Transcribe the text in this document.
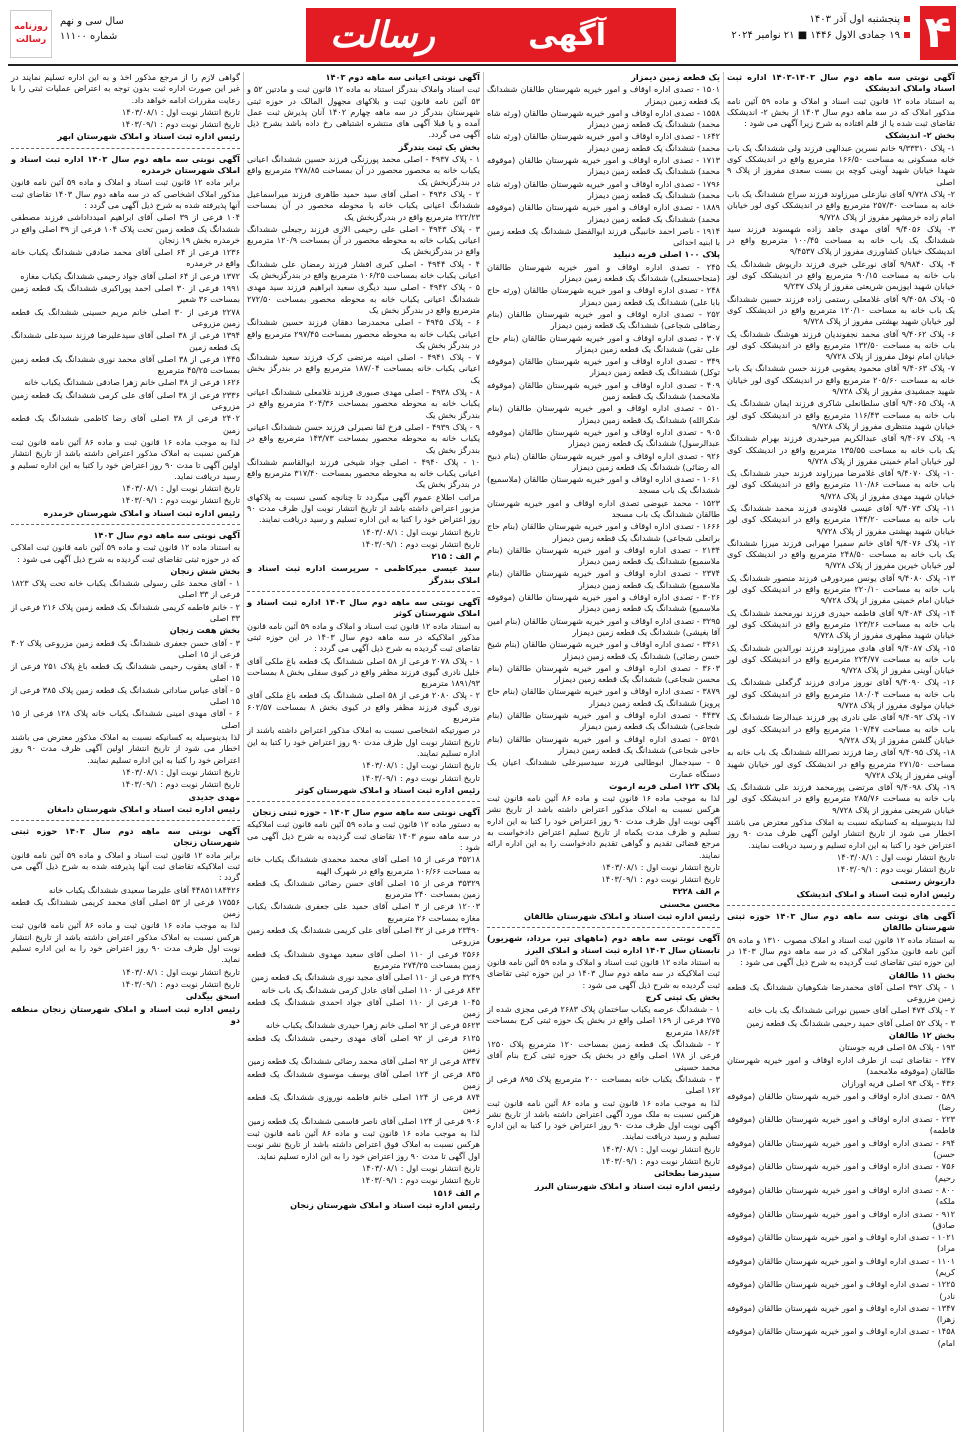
۴
پنجشنبه اول آذر ۱۴۰۳
۱۹ جمادی الاول ۱۴۴۶ ■ ۲۱ نوامبر ۲۰۲۴
آگهی
رسالت
سال سی و نهم
شماره ۱۱۱۰۰
روزنامه
رسالت

آگهی نوبتی سه ماهه دوم سال ۱۴۰۳-۱۴۰۳ اداره ثبت اسناد واملاک اندیشکک

به استناد ماده ۱۲ قانون ثبت اسناد و املاک و ماده ۵۹ آئین نامه مذکور املاک که در سه ماهه دوم سال ۱۴۰۳ از بخش ۲- اندیشکک تقاضای ثبت شده یا از قلم افتاده به شرح زیرا آگهی می شود :

بخش ۲- اندیشکک

۱- پلاک ۹/۳۳۳۱۰ خانم نسرین عبدالهی فرزند ولی ششدانگ یک باب خانه مسکونی به مساحت ۱۶۶/۵۰ مترمربع واقع در اندیشکک کوی شهدا خیابان شهید آوینی کوچه بن بست سعدی مفروز از پلاک ۹ اصلی

۲- پلاک ۹/۷۲۸ آقای نیازعلی میرزاوند فرزند سراج ششدانگ یک باب خانه به مساحت ۲۵۷/۳۰ مترمربع واقع در اندیشکک کوی لور خیابان امام زاده خرمشهر مفروز از پلاک ۹/۷۲۸

۳- پلاک ۹/۴۰۵۶ آقای مهدی جاهد زاده شهسوند فرزند سید ششدانگ یک باب خانه به مساحت ۱۰۰/۴۵ مترمربع واقع در اندیشکک خیابان کشاورزی مفروز از پلاک ۹/۴۵۳۷

۴- پلاک ۹/۹۸۴۰ آقای نورعلی خیری فرزند داریوش ششدانگ یک باب خانه به مساحت ۹۰/۱۵ مترمربع واقع در اندیشکک کوی لور خیابان شهید ایوزیمن شریعتی مفروز از پلاک ۹/۲۳۷

۵- پلاک ۹/۴۰۵۸ آقای غلامعلی رستمی زاده فرزند حسین ششدانگ یک باب خانه به مساحت ۱۲۰/۱۰ مترمربع واقع در اندیشکک کوی لور خیابان شهید بهشتی مفروز از پلاک ۹/۷۲۸

۶- پلاک ۹/۴۰۶۲ آقای محمد نجفوندیان فرزند هوشنگ ششدانگ یک باب خانه به مساحت ۱۳۲/۵۰ مترمربع واقع در اندیشکک کوی لور خیابان امام نوفل مفروز از پلاک ۹/۷۲۸

۷- پلاک ۹/۴۰۶۳ آقای محمود یعقوبی فرزند حسن ششدانگ یک باب خانه به مساحت ۲۰۵/۶۰ مترمربع واقع در اندیشکک کوی لور خیابان شهید جمشیدی مفروز از پلاک ۹/۷۲۸

۸- پلاک ۹/۴۰۶۵ آقای سلطانعلی شاکری فرزند ایمان ششدانگ یک باب خانه به مساحت ۱۱۶/۴۳ مترمربع واقع در اندیشکک کوی لور خیابان شهید منتظری مفروز از پلاک ۹/۷۲۸

۹- پلاک ۹/۴۰۶۷ آقای عبدالکریم میرحیدری فرزند بهرام ششدانگ یک باب خانه به مساحت ۱۳۵/۵۵ مترمربع واقع در اندیشکک کوی لور خیابان امام خمینی مفروز از پلاک ۹/۷۲۸

۱۰- پلاک ۹/۴۰۷۰ آقای غلامرضا میرزاوند فرزند حیدر ششدانگ یک باب خانه به مساحت ۱۱۰/۸۶ مترمربع واقع در اندیشکک کوی لور خیابان شهید مهدی مفروز از پلاک ۹/۷۲۸

۱۱- پلاک ۹/۴۰۷۳ آقای عیسی قلاوندی فرزند محمد ششدانگ یک باب خانه به مساحت ۱۴۴/۲۰ مترمربع واقع در اندیشکک کوی لور خیابان شهید بهشتی مفروز از پلاک ۹/۷۲۸

۱۲- پلاک ۹/۴۰۷۶ آقای خانم سمیرا مهرابی فرزند میرزا ششدانگ یک باب خانه به مساحت ۲۴۸/۵۰ مترمربع واقع در اندیشکک کوی لور خیابان خیرین مفروز از پلاک ۹/۷۲۸

۱۳- پلاک ۹/۴۰۸۰ آقای یونس میردورقی فرزند منصور ششدانگ یک باب خانه به مساحت ۲۲۰/۱۰ مترمربع واقع در اندیشکک کوی لور خیابان امام خمینی مفروز از پلاک ۹/۷۲۸

۱۴- پلاک ۹/۴۰۸۴ آقای فاطمه حیدری فرزند نورمحمد ششدانگ یک باب خانه به مساحت ۱۲۳/۲۶ مترمربع واقع در اندیشکک کوی لور خیابان شهید مطهری مفروز از پلاک ۹/۷۲۸

۱۵- پلاک ۹/۴۰۸۷ آقای هادی میرزاوند فرزند نورالدین ششدانگ یک باب خانه به مساحت ۲۲۴/۷۷ مترمربع واقع در اندیشکک کوی لور خیابان آوینی مفروز از پلاک ۹/۷۲۸

۱۶- پلاک ۹/۴۰۹۰ آقای نوروز مرادی فرزند گرگعلی ششدانگ یک باب خانه به مساحت ۱۸۰/۰۴ مترمربع واقع در اندیشکک کوی لور خیابان مولوی مفروز از پلاک ۹/۷۲۸

۱۷- پلاک ۹/۴۰۹۲ آقای علی نادری پور فرزند عبدالرضا ششدانگ یک باب خانه به مساحت ۱۰۷/۴۷ مترمربع واقع در اندیشکک کوی لور خیابان گلشن مفروز از پلاک ۹/۷۲۸

۱۸- پلاک ۹/۴۰۹۵ آقای رضا فرزند نصرالله ششدانگ یک باب خانه به مساحت ۲۷۱/۵۰ مترمربع واقع در اندیشکک کوی لور خیابان شهید آوینی مفروز از پلاک ۹/۷۲۸

۱۹- پلاک ۹/۴۰۹۸ آقای مرتضی پورمحمد فرزند علی ششدانگ یک باب خانه به مساحت ۲۸۵/۷۶ مترمربع واقع در اندیشکک کوی لور خیابان شریعتی مفروز از پلاک ۹/۷۲۸

لذا بدینوسیله به کسانیکه نسبت به املاک مذکور معترض می باشند اخطار می شود از تاریخ انتشار اولین آگهی ظرف مدت ۹۰ روز اعتراض خود را کتبا به این اداره تسلیم و رسید دریافت نمایند.

تاریخ انتشار نوبت اول : ۱۴۰۳/۰۸/۱

تاریخ انتشار نوبت دوم : ۱۴۰۳/۰۹/۱

داریوش رستمی

رئیس اداره ثبت اسناد و املاک اندیشکک

آگهی های نوبتی سه ماهه دوم سال ۱۴۰۳ حوزه ثبتی شهرستان طالقان

به استناد ماده ۱۲ قانون ثبت اسناد و املاک مصوب ۱۳۱۰ و ماده ۵۹ آئین نامه قانون مذکور املاکی که در سه ماهه دوم سال ۱۴۰۳ در این حوزه ثبتی تقاضای ثبت گردیده به شرح ذیل آگهی می شود :

بخش ۱۱ طالقان

۱ - پلاک ۳۹۲ اصلی آقای محمدرضا شکوهیان ششدانگ یک قطعه زمین مزروعی

۲ - پلاک ۴۷۴ اصلی آقای حسین نورانی ششدانگ یک باب خانه

۳ - پلاک ۵۲ اصلی آقای حمید رحیمی ششدانگ یک قطعه زمین

بخش ۱۲ طالقان

۱۹۳ - پلاک ۵۸ اصلی قریه جوستان

۲۴۷ - تقاضای ثبت از طرف اداره اوقاف و امور خیریه شهرستان طالقان (موقوفه ملامحمد)

۴۳۶ - پلاک ۹۳ اصلی قریه اورازان

۵۸۹ - تصدی اداره اوقاف و امور خیریه شهرستان طالقان (موقوفه رضا)

۲۲۳ - تصدی اداره اوقاف و امور خیریه شهرستان طالقان (موقوفه فاطمه)

۶۹۴ - تصدی اداره اوقاف و امور خیریه شهرستان طالقان (موقوفه حسن)

۷۵۶ - تصدی اداره اوقاف و امور خیریه شهرستان طالقان (موقوفه رحیم)

۸۰۰ - تصدی اداره اوقاف و امور خیریه شهرستان طالقان (موقوفه ملکه)

۹۱۲ - تصدی اداره اوقاف و امور خیریه شهرستان طالقان (موقوفه صادق)

۱۰۲۱ - تصدی اداره اوقاف و امور خیریه شهرستان طالقان (موقوفه مراد)

۱۱۰۱ - تصدی اداره اوقاف و امور خیریه شهرستان طالقان (موقوفه کریم)

۱۲۲۵ - تصدی اداره اوقاف و امور خیریه شهرستان طالقان (موقوفه نادر)

۱۳۴۷ - تصدی اداره اوقاف و امور خیریه شهرستان طالقان (موقوفه زهرا)

۱۴۵۸ - تصدی اداره اوقاف و امور خیریه شهرستان طالقان (موقوفه امام)

یک قطعه زمین دیمزار

۱۵۰۱ - تصدی اداره اوقاف و امور خیریه شهرستان طالقان ششدانگ یک قطعه زمین دیمزار

۱۵۵۸ - تصدی اداره اوقاف و امور خیریه شهرستان طالقان (ورثه شاه محمد) ششدانگ یک قطعه زمین دیمزار

۱۶۴۲ - تصدی اداره اوقاف و امور خیریه شهرستان طالقان (ورثه شاه محمد) ششدانگ یک قطعه زمین دیمزار

۱۷۱۳ - تصدی اداره اوقاف و امور خیریه شهرستان طالقان (موقوفه محمد) ششدانگ یک قطعه زمین دیمزار

۱۷۹۶ - تصدی اداره اوقاف و امور خیریه شهرستان طالقان (ورثه شاه محمد) ششدانگ یک قطعه زمین دیمزار

۱۸۸۹ - تصدی اداره اوقاف و امور خیریه شهرستان طالقان (موقوفه محمد) ششدانگ یک قطعه زمین دیمزار

۱۹۱۴ - ناصر احمد خانبیگی فرزند ابوالفضل ششدانگ یک قطعه زمین با ابنیه احداثی

پلاک ۱۰۰ اصلی قریه دنبلید

۲۴۵ - تصدی اداره اوقاف و امور خیریه شهرستان طالقان (منجاحسنعلی) ششدانگ یک قطعه زمین دیمزار

۲۴۸ - تصدی اداره اوقاف و امور خیریه شهرستان طالقان (ورثه حاج بابا علی) ششدانگ یک قطعه زمین دیمزار

۲۵۲ - تصدی اداره اوقاف و امور خیریه شهرستان طالقان (بنام رضاقلی شجاعی) ششدانگ یک قطعه زمین دیمزار

۳۰۷ - تصدی اداره اوقاف و امور خیریه شهرستان طالقان (بنام حاج علی تقی) ششدانگ یک قطعه زمین دیمزار

۳۴۹ - تصدی اداره اوقاف و امور خیریه شهرستان طالقان (موقوفه توکل) ششدانگ یک قطعه زمین دیمزار

۴۰۹ - تصدی اداره اوقاف و امور خیریه شهرستان طالقان (موقوفه ملامحمد) ششدانگ یک قطعه زمین

۵۱۰ - تصدی اداره اوقاف و امور خیریه شهرستان طالقان (بنام شکرالله) ششدانگ یک قطعه زمین دیمزار

۹۰۵ - تصدی اداره اوقاف و امور خیریه شهرستان طالقان (موقوفه عبدالرسول) ششدانگ یک قطعه زمین دیمزار

۹۲۶ - تصدی اداره اوقاف و امور خیریه شهرستان طالقان (بنام ذبیح اله رضائی) ششدانگ یک قطعه زمین دیمزار

۱۰۶۱ - تصدی اداره اوقاف و امور خیریه شهرستان طالقان (ملاسمیع) ششدانگ یک باب مسجد

۱۵۲۳ - محمد عیوضی تصدی اداره اوقاف و امور خیریه شهرستان طالقان ششدانگ یک باب مسجد

۱۶۶۶ - تصدی اداره اوقاف و امور خیریه شهرستان طالقان (بنام حاج براتعلی شجاعی) ششدانگ یک قطعه زمین دیمزار

۲۱۳۴ - تصدی اداره اوقاف و امور خیریه شهرستان طالقان (بنام ملاسمیع) ششدانگ یک قطعه زمین دیمزار

۲۳۷۴ - تصدی اداره اوقاف و امور خیریه شهرستان طالقان (بنام ملاسمیع) ششدانگ یک قطعه زمین دیمزار

۳۰۲۶ - تصدی اداره اوقاف و امور خیریه شهرستان طالقان (موقوفه ملاسمیع) ششدانگ یک قطعه زمین دیمزار

۳۲۹۵ - تصدی اداره اوقاف و امور خیریه شهرستان طالقان (بنام امین آقا بغیشی) ششدانگ یک قطعه زمین دیمزار

۳۴۶۱ - تصدی اداره اوقاف و امور خیریه شهرستان طالقان (بنام شیخ حسن رضائی) ششدانگ یک قطعه زمین دیمزار

۳۶۰۳ - تصدی اداره اوقاف و امور خیریه شهرستان طالقان (بنام محسن شجاعی) ششدانگ یک قطعه زمین دیمزار

۳۸۷۹ - تصدی اداره اوقاف و امور خیریه شهرستان طالقان (بنام حاج پرویز) ششدانگ یک قطعه زمین دیمزار

۴۴۳۷ - تصدی اداره اوقاف و امور خیریه شهرستان طالقان (بنام شجاعی) ششدانگ یک قطعه زمین دیمزار

۵۲۵۱ - تصدی اداره اوقاف و امور خیریه شهرستان طالقان (بنام حاجی شجاعی) ششدانگ یک قطعه زمین دیمزار

۵ - سیدجمال ابوطالبی فرزند سیدسیرعلی ششدانگ اعیان یک دستگاه عمارت

پلاک ۱۲۳ اصلی قریه ارموت

لذا به موجب ماده ۱۶ قانون ثبت و ماده ۸۶ آئین نامه قانون ثبت هرکس نسبت به املاک مذکور اعتراض داشته باشد از تاریخ نشر آگهی نوبت اول ظرف مدت ۹۰ روز اعتراض خود را کتبا به این اداره تسلیم و ظرف مدت یکماه از تاریخ تسلیم اعتراض دادخواست به مرجع قضائی تقدیم و گواهی تقدیم دادخواست را به این اداره ارائه نمایند.

تاریخ انتشار نوبت اول : ۱۴۰۳/۰۸/۱

تاریخ انتشار نوبت دوم : ۱۴۰۳/۰۹/۱

م الف ۴۲۲۸

محسن محسنی

رئیس اداره ثبت اسناد و املاک شهرستان طالقان

آگهی نوبتی سه ماهه دوم (ماههای تیر، مرداد، شهریور) تابستان سال ۱۴۰۳ اداره ثبت اسناد و املاک البرز

به استناد ماده ۱۲ قانون ثبت اسناد و املاک و ماده ۵۹ آئین نامه قانون ثبت املاکیکه در سه ماهه دوم سال ۱۴۰۳ در این حوزه ثبتی تقاضای ثبت گردیده به شرح ذیل آگهی می شود :

بخش یک ثبتی کرج

۱ - ششدانگ عرصه یکباب ساختمان پلاک ۲۶۸۳ فرعی مجزی شده از ۲۷۵ فرعی از ۱۶۹ اصلی واقع در بخش یک حوزه ثبتی کرج بمساحت ۱۸۶/۶۴ مترمربع

۲ - ششدانگ یک قطعه زمین بمساحت ۱۲۰ مترمربع پلاک ۱۲۵۰ فرعی از ۱۷۸ اصلی واقع در بخش یک حوزه ثبتی کرج بنام آقای محمد حسینی

۳ - ششدانگ یکباب خانه بمساحت ۲۰۰ مترمربع پلاک ۸۹۵ فرعی از ۱۶۲ اصلی

لذا به موجب ماده ۱۶ قانون ثبت و ماده ۸۶ آئین نامه قانون ثبت هرکس نسبت به ملک مورد آگهی اعتراض داشته باشد از تاریخ نشر آگهی نوبت اول ظرف مدت ۹۰ روز اعتراض خود را کتبا به این اداره تسلیم و رسید دریافت نمایند.

تاریخ انتشار نوبت اول : ۱۴۰۳/۰۸/۱

تاریخ انتشار نوبت دوم : ۱۴۰۳/۰۹/۱

سیدرضا بطحائی

رئیس اداره ثبت اسناد و املاک شهرستان البرز

آگهی نوبتی اعیانی سه ماهه دوم ۱۴۰۳

ثبت اسناد واملاک بندرگز استناد به ماده ۱۲ قانون ثبت و مادتین ۵۲ و ۵۳ آئین نامه قانون ثبت و بلاکهای مجهول المالک در حوزه ثبتی شهرستان بندرگز در سه ماهه چهارم ۱۴۰۲ آنان پذیرش ثبت عمل آمده و یا قبلا آگهی های منتشره اشتباهی رخ داده باشد بشرح ذیل آگهی می گردد.

بخش یک ثبت بندرگز

۱ - پلاک ۴۹۳۷ - اصلی محمد پورزنگی فرزند حسین ششدانگ اعیانی یکباب خانه به محصور محصور در آن بمساحت ۲۷۸/۸۵ مترمربع واقع در بندرگزبخش یک

۲ - پلاک ۴۹۳۶ - اصلی آقای سید حمید طاهری فرزند میراسماعیل ششدانگ اعیانی یکباب خانه با محوطه محصور در آن بمساحت ۲۲۲/۲۳ مترمربع واقع در بندرگزبخش یک

۳ - پلاک ۴۹۴۳ - اصلی علی رحیمی الازی فرزند رجبعلی ششدانگ اعیانی یکباب خانه به محوطه محصور در آن بمساحت ۱۲۰/۹ مترمربع واقع در بندرگزبخش یک

۴ - پلاک ۴۹۴۴ - اصلی کبری افشار فرزند رمضان علی ششدانگ اعیانی یکباب خانه بمساحت ۱۰۶/۲۵ مترمربع واقع در بندرگزبخش یک

۵ - پلاک ۴۹۴۲ - اصلی سید دیگری سعید ابراهیم فرزند سید مهدی ششدانگ اعیانی یکباب خانه به محوطه محصور بمساحت ۲۷۲/۵۰ مترمربع واقع در بندرگز بخش یک

۶ - پلاک ۴۹۴۵ - اصلی محمدرضا دهقان فرزند حسین ششدانگ اعیانی یکباب خانه به محوطه محصور بمساحت ۲۹۷/۴۵ مترمربع واقع در بندرگز بخش یک

۷ - پلاک ۴۹۴۱ - اصلی امینه مرتضی کرک فرزند سعید ششدانگ اعیانی یکباب خانه بمساحت ۱۸۷/۰۴ مترمربع واقع در بندرگز بخش یک

۸ - پلاک ۴۹۳۸ - اصلی مهدی صبوری فرزند غلامعلی ششدانگ اعیانی یکباب خانه به محوطه محصور بمساحت ۲۰۴/۳۶ مترمربع واقع در بندرگز بخش یک

۹ - پلاک ۴۹۳۹ - اصلی فرخ لقا نصیرلی فرزند حسن ششدانگ اعیانی یکباب خانه به محوطه محصور بمساحت ۱۴۳/۷۳ مترمربع واقع در بندرگز بخش یک

۱۰ - پلاک ۴۹۴۰ - اصلی جواد شیخی فرزند ابوالقاسم ششدانگ اعیانی یکباب خانه به محوطه محصور بمساحت ۳۱۷/۴۰ مترمربع واقع در بندرگز بخش یک

مراتب اطلاع عموم آگهی میگردد تا چنانچه کسی نسبت به پلاکهای مزبور اعتراض داشته باشد از تاریخ انتشار نوبت اول ظرف مدت ۹۰ روز اعتراض خود را کتبا به این اداره تسلیم و رسید دریافت نمایند.

تاریخ انتشار نوبت اول : ۱۴۰۳/۰۸/۱

تاریخ انتشار نوبت دوم : ۱۴۰۳/۰۹/۱

م الف : ۲۱۵

سید عیسی میرکاظمی - سرپرست اداره ثبت اسناد و املاک بندرگز

آگهی نوبتی سه ماهه دوم سال ۱۴۰۳ اداره ثبت اسناد و املاک شهرستان کوثر

به استناد ماده ۱۲ قانون ثبت اسناد و املاک و ماده ۵۹ آئین نامه قانون مذکور املاکیکه در سه ماهه دوم سال ۱۴۰۳ در این حوزه ثبتی تقاضای ثبت گردیده به شرح ذیل آگهی می گردد :

۱ - پلاک ۲۰۷۸ فرعی از ۵۸ اصلی ششدانگ یک قطعه باغ ملکی آقای خلیل نادری گیوی فرزند مظفر واقع در کیوی سفلی بخش ۸ بمساحت ۱۸۹۱/۹۳ مترمربع

۲ - پلاک ۲۰۸۰ فرعی از ۵۸ اصلی ششدانگ یک قطعه باغ ملکی آقای نوری گیوی فرزند مظفر واقع در کیوی بخش ۸ بمساحت ۶۰۲/۵۷ مترمربع

در صورتیکه اشخاصی نسبت به املاک مذکور اعتراض داشته باشند از تاریخ انتشار نوبت اول ظرف مدت ۹۰ روز اعتراض خود را کتبا به این اداره تسلیم نمایند.

تاریخ انتشار نوبت اول : ۱۴۰۳/۰۸/۱

تاریخ انتشار نوبت دوم : ۱۴۰۳/۰۹/۱

رئیس اداره ثبت اسناد و املاک شهرستان کوثر

آگهی نوبتی سه ماهه سوم سال ۱۴۰۳ - حوزه ثبتی زنجان

به دستور ماده ۱۲ قانون ثبت و ماده ۵۹ آئین نامه قانون ثبت املاکیکه در سه ماهه سوم ۱۴۰۳ تقاضای ثبت گردیده به شرح ذیل آگهی می شود :

۳۵۲۱۸ فرعی از ۱۵ اصلی آقای محمد محمدی ششدانگ یکباب خانه به مساحت ۱۰۶/۶۶ مترمربع واقع در شهرک الهیه

۳۵۳۲۹ فرعی از ۱۵ اصلی آقای حسن رضائی ششدانگ یک قطعه زمین بمساحت ۲۴۰ مترمربع

۱۲۰۰۳ فرعی از ۳ اصلی آقای حمید علی جعفری ششدانگ یکباب مغازه بمساحت ۲۶ مترمربع

۲۳۴۹۰ فرعی از ۴۲ اصلی آقای علی کریمی ششدانگ یک قطعه زمین مزروعی

۲۵۶۶ فرعی از ۱۱۰ اصلی آقای سعید مهدوی ششدانگ یک قطعه زمین بمساحت ۲۷۴/۲۵ مترمربع

۳۲۴۹ فرعی از ۱۱۰ اصلی آقای مجید نوری ششدانگ یک قطعه زمین

۸۴۳ فرعی از ۱۱۰ اصلی آقای عادل کرمی ششدانگ یک باب خانه

۱۰۴۵ فرعی از ۱۱۰ اصلی آقای جواد احمدی ششدانگ یک قطعه زمین

۵۶۲۳ فرعی از ۹۲ اصلی خانم زهرا حیدری ششدانگ یکباب خانه

۶۱۲۵ فرعی از ۹۲ اصلی آقای مهدی رحیمی ششدانگ یک قطعه زمین

۸۳۴۷ فرعی از ۹۲ اصلی آقای محمد رضائی ششدانگ یک قطعه زمین

۸۳۵ فرعی از ۱۲۴ اصلی آقای یوسف موسوی ششدانگ یک قطعه زمین

۸۷۴ فرعی از ۱۲۴ اصلی خانم فاطمه نوروزی ششدانگ یک قطعه زمین

۹۰۶ فرعی از ۱۲۴ اصلی آقای ناصر قاسمی ششدانگ یک قطعه زمین

لذا به موجب ماده ۱۶ قانون ثبت و ماده ۸۶ آئین نامه قانون ثبت هرکس نسبت به املاک فوق اعتراض داشته باشد از تاریخ نشر نوبت اول آگهی تا مدت ۹۰ روز اعتراض خود را به این اداره تسلیم نماید.

تاریخ انتشار نوبت اول : ۱۴۰۳/۰۸/۱

تاریخ انتشار نوبت دوم : ۱۴۰۳/۰۹/۱

م الف ۱۵۱۶

رئیس اداره ثبت اسناد و املاک شهرستان زنجان

گواهی لازم را از مرجع مذکور اخذ و به این اداره تسلیم نمایند در غیر این صورت اداره ثبت بدون توجه به اعتراض عملیات ثبتی را با رعایت مقررات ادامه خواهد داد.

تاریخ انتشار نوبت اول : ۱۴۰۳/۰۸/۱

تاریخ انتشار نوبت دوم : ۱۴۰۳/۰۹/۱

رئیس اداره ثبت اسناد و املاک شهرستان ابهر

آگهی نوبتی سه ماهه دوم سال ۱۴۰۳ اداره ثبت اسناد و املاک شهرستان خرمدره

برابر ماده ۱۲ قانون ثبت اسناد و املاک و ماده ۵۹ آئین نامه قانون مذکور املاک اشخاصی که در سه ماهه دوم سال ۱۴۰۳ تقاضای ثبت آنها پذیرفته شده به شرح ذیل آگهی می گردد :

۱۰۴ فرعی از ۳۹ اصلی آقای ابراهیم امیدداداشی فرزند مصطفی ششدانگ یک قطعه زمین تحت پلاک ۱۰۴ فرعی از ۳۹ اصلی واقع در خرمدره بخش ۱۹ زنجان

۱۲۳۶ فرعی از ۶۴ اصلی آقای محمد صادقی ششدانگ یکباب خانه واقع در خرمدره

۱۳۷۲ فرعی از ۶۴ اصلی آقای جواد رحیمی ششدانگ یکباب مغازه

۱۹۹۱ فرعی از ۳۰ اصلی احمد پوراکبری ششدانگ یک قطعه زمین بمساحت ۳۶ شعیر

۲۲۷۸ فرعی از ۳۰ اصلی خانم مریم حسینی ششدانگ یک قطعه زمین مزروعی

۱۳۹۴ فرعی از ۳۸ اصلی آقای سیدعلیرضا فرزند سیدعلی ششدانگ یک قطعه زمین

۱۴۴۵ فرعی از ۳۸ اصلی آقای محمد نوری ششدانگ یک قطعه زمین بمساحت ۴۵/۲۵ مترمربع

۱۶۲۶ فرعی از ۳۸ اصلی خانم زهرا صادقی ششدانگ یکباب خانه

۲۳۳۶ فرعی از ۳۸ اصلی آقای علی کرمی ششدانگ یک قطعه زمین مزروعی

۲۴۰۲ فرعی از ۳۸ اصلی آقای رضا کاظمی ششدانگ یک قطعه زمین

لذا به موجب ماده ۱۶ قانون ثبت و ماده ۸۶ آئین نامه قانون ثبت هرکس نسبت به املاک مذکور اعتراض داشته باشد از تاریخ انتشار اولین آگهی تا مدت ۹۰ روز اعتراض خود را کتبا به این اداره تسلیم و رسید دریافت نماید.

تاریخ انتشار نوبت اول : ۱۴۰۳/۰۸/۱

تاریخ انتشار نوبت دوم : ۱۴۰۳/۰۹/۱

رئیس اداره ثبت اسناد و املاک شهرستان خرمدره

آگهی نوبتی سه ماهه دوم سال ۱۴۰۳

به استناد ماده ۱۲ قانون ثبت و ماده ۵۹ آئین نامه قانون ثبت املاکی که در حوزه ثبتی تقاضای ثبت گردیده به شرح ذیل آگهی می شود :

بخش شش زنجان

۱ - آقای محمد علی رسولی ششدانگ یکباب خانه تحت پلاک ۱۸۲۳ فرعی از ۳۳ اصلی

۲ - خانم فاطمه کریمی ششدانگ یک قطعه زمین پلاک ۲۱۶ فرعی از ۳۳ اصلی

بخش هفت زنجان

۳ - آقای حسن جعفری ششدانگ یک قطعه زمین مزروعی پلاک ۴۰۲ فرعی از ۱۵ اصلی

۴ - آقای یعقوب رحیمی ششدانگ یک قطعه باغ پلاک ۲۵۱ فرعی از ۱۵ اصلی

۵ - آقای عباس ساداتی ششدانگ یک قطعه زمین پلاک ۳۸۵ فرعی از ۱۵ اصلی

۶ - آقای مهدی امینی ششدانگ یکباب خانه پلاک ۱۲۸ فرعی از ۱۵ اصلی

لذا بدینوسیله به کسانیکه نسبت به املاک مذکور معترض می باشند اخطار می شود از تاریخ انتشار اولین آگهی ظرف مدت ۹۰ روز اعتراض خود را کتبا به این اداره تسلیم نمایند.

تاریخ انتشار نوبت اول : ۱۴۰۳/۰۸/۱

تاریخ انتشار نوبت دوم : ۱۴۰۳/۰۹/۱

مهدی جدیدی

رئیس اداره ثبت اسناد و املاک شهرستان دامغان

آگهی نوبتی سه ماهه دوم سال ۱۴۰۳ حوزه ثبتی شهرستان زنجان

برابر ماده ۱۲ قانون ثبت اسناد و املاک و ماده ۵۹ آئین نامه قانون ثبت املاکیکه تقاضای ثبت آنها پذیرفته شده به شرح ذیل آگهی می گردد :

۴۴۸۵۱۱۸۴۴۲۶ آقای علیرضا سعیدی ششدانگ یکباب خانه

۱۷۵۵۶ فرعی از ۵۳ اصلی آقای محمد کریمی ششدانگ یک قطعه زمین

لذا به موجب ماده ۱۶ قانون ثبت و ماده ۸۶ آئین نامه قانون ثبت هرکس نسبت به املاک مذکور اعتراض داشته باشد از تاریخ انتشار نوبت اول ظرف مدت ۹۰ روز اعتراض خود را به این اداره تسلیم نماید.

تاریخ انتشار نوبت اول : ۱۴۰۳/۰۸/۱

تاریخ انتشار نوبت دوم : ۱۴۰۳/۰۹/۱

اسحق بیگدلی

رئیس اداره ثبت اسناد و املاک شهرستان زنجان منطقه دو
